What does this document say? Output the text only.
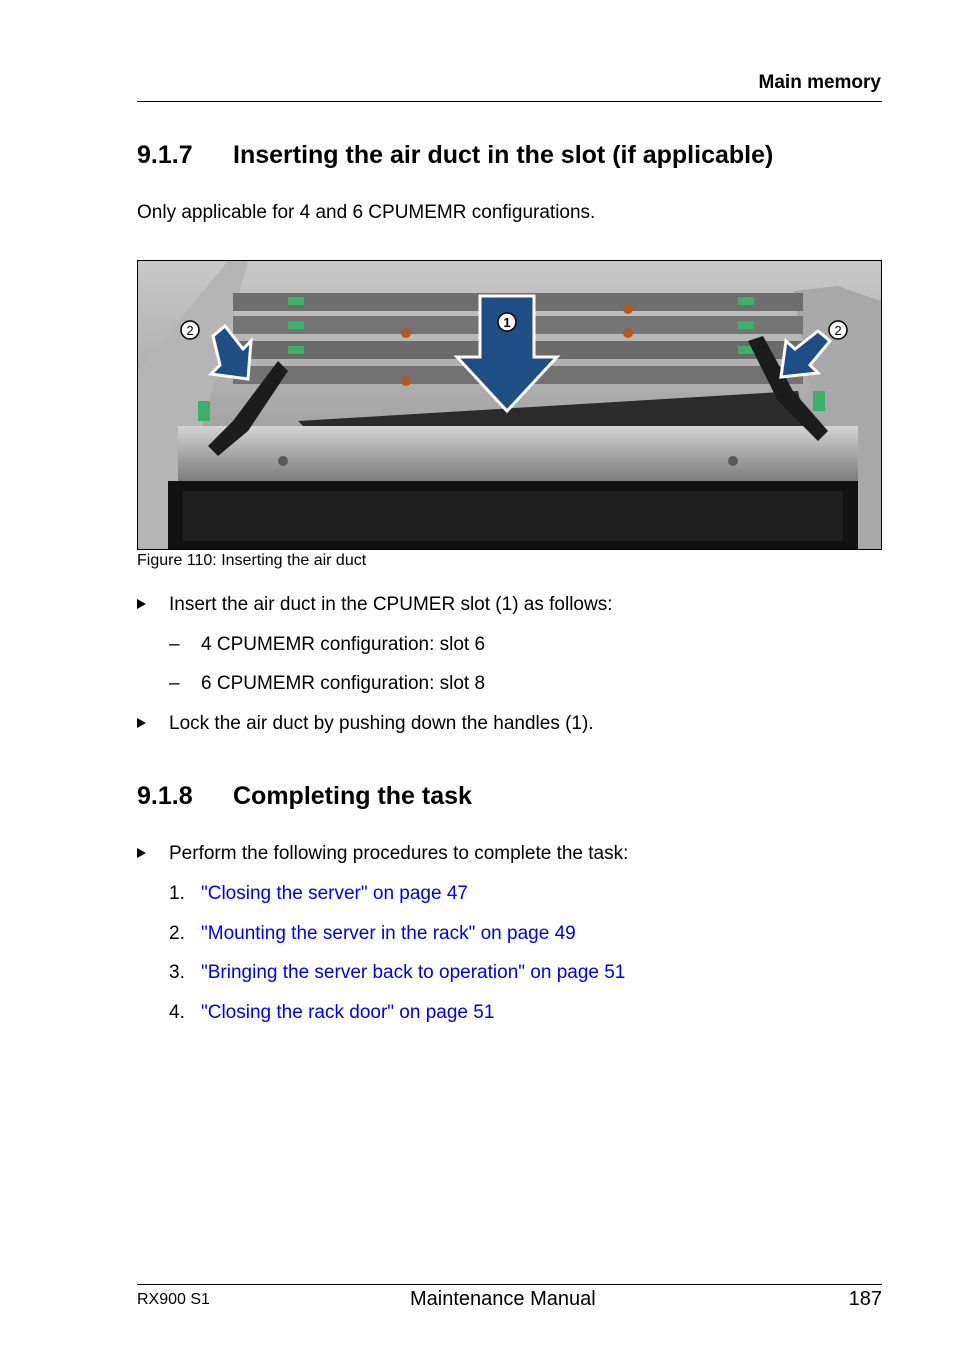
Main memory
9.1.7 Inserting the air duct in the slot (if applicable)
Only applicable for 4 and 6 CPUMEMR configurations.
1
2	2
Figure 110: Inserting the air duct
Insert the air duct in the CPUMER slot (1) as follows:
– 4 CPUMEMR configuration: slot 6
– 6 CPUMEMR configuration: slot 8
Lock the air duct by pushing down the handles (1).
9.1.8 Completing the task
Perform the following procedures to complete the task:
1. "Closing the server" on page 47
2. "Mounting the server in the rack" on page 49
3. "Bringing the server back to operation" on page 51
4. "Closing the rack door" on page 51
RX900 S1	Maintenance Manual	187
